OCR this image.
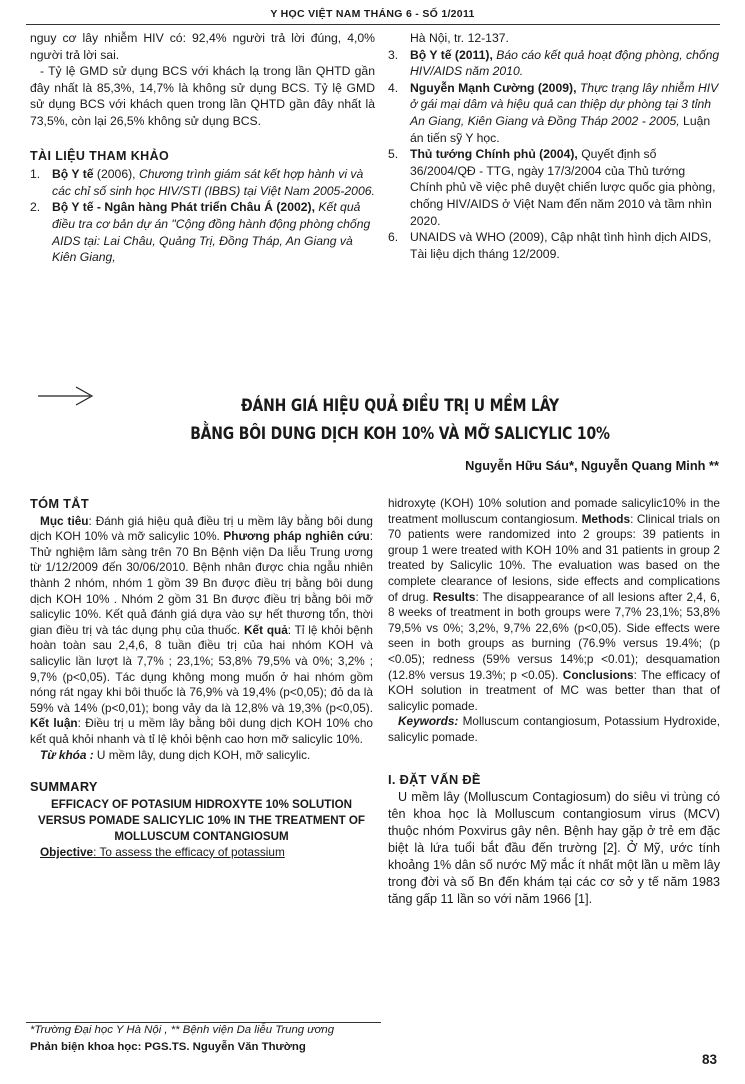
Y HỌC VIỆT NAM THÁNG 6 - SỐ 1/2011

nguy cơ lây nhiễm HIV có: 92,4% người trả lời đúng, 4,0% người trả lời sai.

- Tỷ lệ GMD sử dụng BCS với khách lạ trong lần QHTD gần đây nhất là 85,3%, 14,7% là không sử dụng BCS. Tỷ lệ GMD sử dụng BCS với khách quen trong lần QHTD gần đây nhất là 73,5%, còn lại 26,5% không sử dụng BCS.

TÀI LIỆU THAM KHẢO
1. Bộ Y tế (2006), Chương trình giám sát kết hợp hành vi và các chỉ số sinh học HIV/STI (IBBS) tại Việt Nam 2005-2006.
2. Bộ Y tế - Ngân hàng Phát triển Châu Á (2002), Kết quả điều tra cơ bản dự án "Cộng đồng hành động phòng chống AIDS tại: Lai Châu, Quảng Trị, Đồng Tháp, An Giang và Kiên Giang,
Hà Nội, tr. 12-137.
3. Bộ Y tế (2011), Báo cáo kết quả hoạt động phòng, chống HIV/AIDS năm 2010.
4. Nguyễn Mạnh Cường (2009), Thực trạng lây nhiễm HIV ở gái mại dâm và hiệu quả can thiệp dự phòng tại 3 tỉnh An Giang, Kiên Giang và Đồng Tháp 2002 - 2005, Luận án tiến sỹ Y học.
5. Thủ tướng Chính phủ (2004), Quyết định số 36/2004/QĐ - TTG, ngày 17/3/2004 của Thủ tướng Chính phủ về việc phê duyệt chiến lược quốc gia phòng, chống HIV/AIDS ở Việt Nam đến năm 2010 và tầm nhìn 2020.
6. UNAIDS và WHO (2009), Cập nhật tình hình dịch AIDS, Tài liệu dịch tháng 12/2009.
ĐÁNH GIÁ HIỆU QUẢ ĐIỀU TRỊ U MỀM LÂY
BẰNG BÔI DUNG DỊCH KOH 10% VÀ MỠ SALICYLIC 10%
Nguyễn Hữu Sáu*, Nguyễn Quang Minh **
TÓM TẮT

Mục tiêu: Đánh giá hiệu quả điều trị u mềm lây bằng bôi dung dịch KOH 10% và mỡ salicylic 10%. Phương pháp nghiên cứu: Thử nghiệm lâm sàng trên 70 Bn Bệnh viện Da liễu Trung ương từ 1/12/2009 đến 30/06/2010. Bệnh nhân được chia ngẫu nhiên thành 2 nhóm, nhóm 1 gồm 39 Bn được điều trị bằng bôi dung dịch KOH 10% . Nhóm 2 gồm 31 Bn được điều trị bằng bôi mỡ salicylic 10%. Kết quả đánh giá dựa vào sự hết thương tổn, thời gian điều trị và tác dụng phụ của thuốc. Kết quả: Tỉ lệ khỏi bệnh hoàn toàn sau 2,4,6, 8 tuần điều trị của hai nhóm KOH và salicylic lần lượt là 7,7% ; 23,1%; 53,8% 79,5% và 0%; 3,2% ; 9,7% (p<0,05). Tác dụng không mong muốn ở hai nhóm gồm nóng rát ngay khi bôi thuốc là 76,9% và 19,4% (p<0,05); đỏ da là 59% và 14% (p<0,01); bong vảy da là 12,8% và 19,3% (p<0,05). Kết luận: Điều trị u mềm lây bằng bôi dung dịch KOH 10% cho kết quả khỏi nhanh và tỉ lệ khỏi bệnh cao hơn mỡ salicylic 10%.

Từ khóa : U mềm lây, dung dịch KOH, mỡ salicylic.

SUMMARY
EFFICACY OF POTASIUM HIDROXYTE 10% SOLUTION VERSUS POMADE SALICYLIC 10% IN THE TREATMENT OF MOLLUSCUM CONTANGIOSUM

Objective: To assess the efficacy of potassium

hidroxytẹ (KOH) 10% solution and pomade salicylic10% in the treatment molluscum contangiosum. Methods: Clinical trials on 70 patients were randomized into 2 groups: 39 patients in group 1 were treated with KOH 10% and 31 patients in group 2 treated by Salicylic 10%. The evaluation was based on the complete clearance of lesions, side effects and complications of drug. Results: The disappearance of all lesions after 2,4, 6, 8 weeks of treatment in both groups were 7,7% 23,1%; 53,8% 79,5% vs 0%; 3,2%, 9,7% 22,6% (p<0,05). Side effects were seen in both groups as burning (76.9% versus 19.4%; (p <0.05); redness (59% versus 14%;p <0.01); desquamation (12.8% versus 19.3%; p <0.05). Conclusions: The efficacy of KOH solution in treatment of MC was better than that of salicylic pomade.

Keywords: Molluscum contangiosum, Potassium Hydroxide, salicylic pomade.

I. ĐẶT VẤN ĐỀ

U mềm lây (Molluscum Contagiosum) do siêu vi trùng có tên khoa học là Molluscum contangiosum virus (MCV) thuộc nhóm Poxvirus gây nên. Bệnh hay gặp ở trẻ em đặc biệt là lứa tuổi bắt đầu đến trường [2]. Ở Mỹ, ước tính khoảng 1% dân số nước Mỹ mắc ít nhất một lần u mềm lây trong đời và số Bn đến khám tại các cơ sở y tế năm 1983 tăng gấp 11 lần so với năm 1966 [1].

*Trường Đại học Y Hà Nội , ** Bệnh viện Da liễu Trung ương
Phản biện khoa học: PGS.TS. Nguyễn Văn Thường
83
